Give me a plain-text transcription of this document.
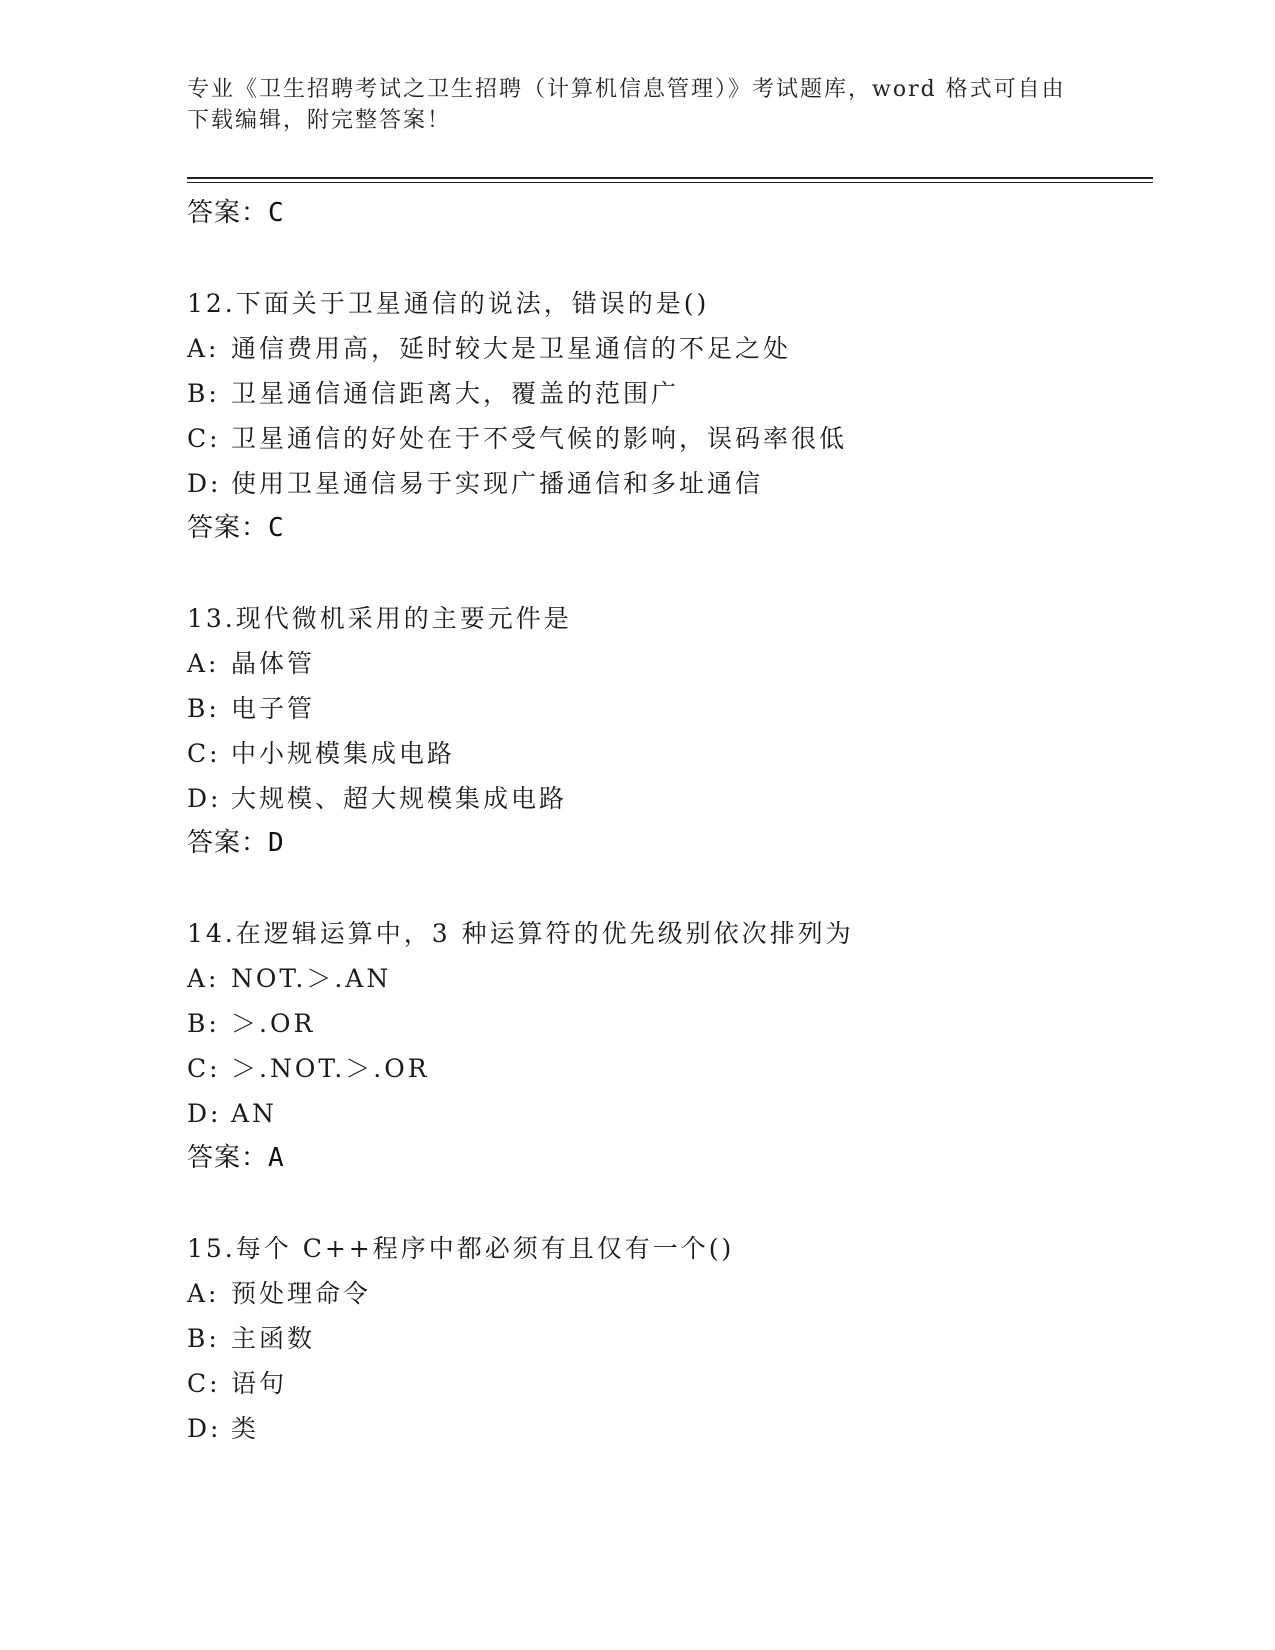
专业《卫生招聘考试之卫生招聘（计算机信息管理）》考试题库，word 格式可自由下载编辑，附完整答案！
答案：C
12.下面关于卫星通信的说法，错误的是()
A: 通信费用高，延时较大是卫星通信的不足之处
B: 卫星通信通信距离大，覆盖的范围广
C: 卫星通信的好处在于不受气候的影响，误码率很低
D: 使用卫星通信易于实现广播通信和多址通信
答案：C
13.现代微机采用的主要元件是
A: 晶体管
B: 电子管
C: 中小规模集成电路
D: 大规模、超大规模集成电路
答案：D
14.在逻辑运算中，3 种运算符的优先级别依次排列为
A: NOT.＞.AN
B: ＞.OR
C: ＞.NOT.＞.OR
D: AN
答案：A
15.每个 C++程序中都必须有且仅有一个()
A: 预处理命令
B: 主函数
C: 语句
D: 类
